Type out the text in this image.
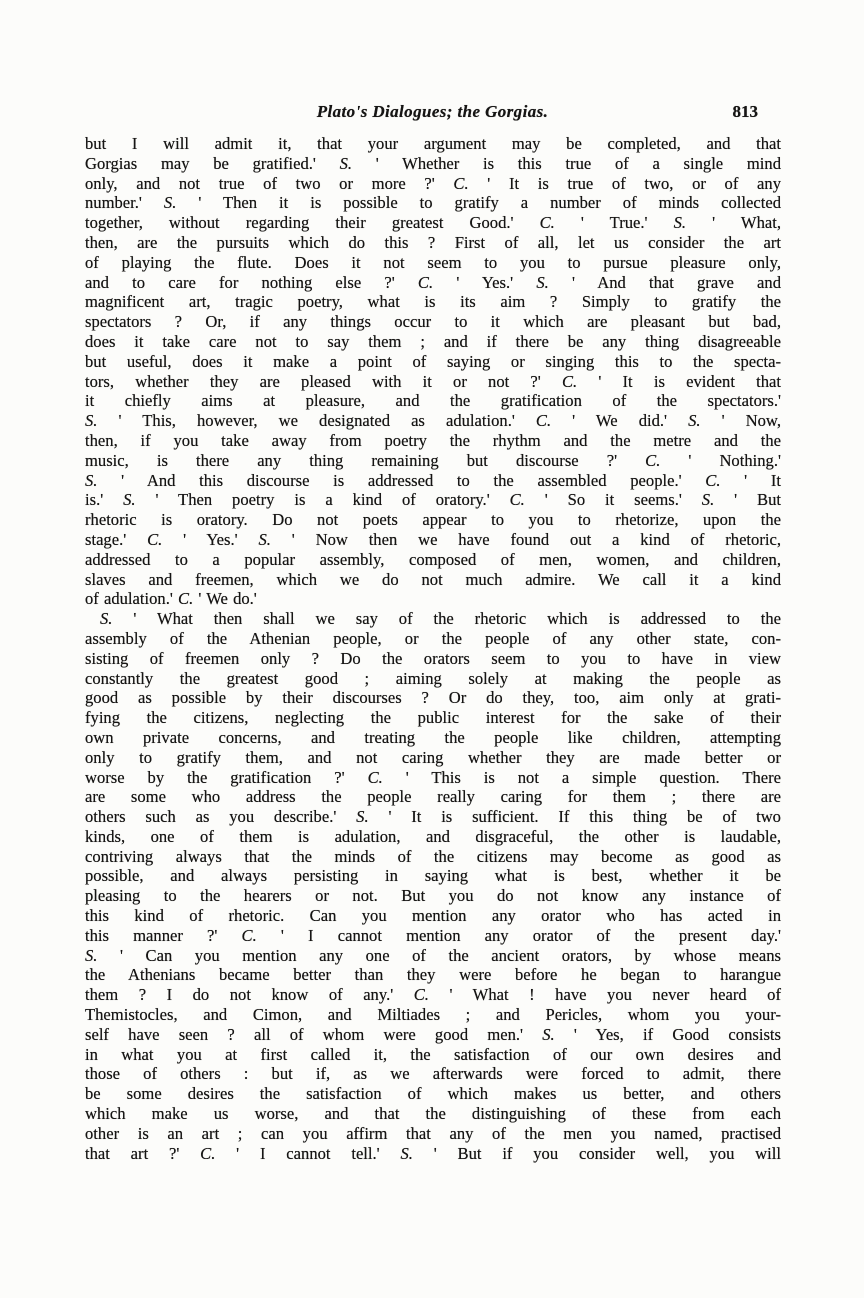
Plato's Dialogues; the Gorgias.	813
but I will admit it, that your argument may be completed, and that
Gorgias may be gratified.' S. ' Whether is this true of a single mind
only, and not true of two or more ?' C. ' It is true of two, or of any
number.' S. ' Then it is possible to gratify a number of minds collected
together, without regarding their greatest Good.' C. ' True.' S. ' What,
then, are the pursuits which do this ? First of all, let us consider the art
of playing the flute. Does it not seem to you to pursue pleasure only,
and to care for nothing else ?' C. ' Yes.' S. ' And that grave and
magnificent art, tragic poetry, what is its aim ? Simply to gratify the
spectators ? Or, if any things occur to it which are pleasant but bad,
does it take care not to say them ; and if there be any thing disagreeable
but useful, does it make a point of saying or singing this to the specta-
tors, whether they are pleased with it or not ?' C. ' It is evident that
it chiefly aims at pleasure, and the gratification of the spectators.'
S. ' This, however, we designated as adulation.' C. ' We did.' S. ' Now,
then, if you take away from poetry the rhythm and the metre and the
music, is there any thing remaining but discourse ?' C. ' Nothing.'
S. ' And this discourse is addressed to the assembled people.' C. ' It
is.' S. ' Then poetry is a kind of oratory.' C. ' So it seems.' S. ' But
rhetoric is oratory. Do not poets appear to you to rhetorize, upon the
stage.' C. ' Yes.' S. ' Now then we have found out a kind of rhetoric,
addressed to a popular assembly, composed of men, women, and children,
slaves and freemen, which we do not much admire. We call it a kind
of adulation.' C. ' We do.'
S. ' What then shall we say of the rhetoric which is addressed to the
assembly of the Athenian people, or the people of any other state, con-
sisting of freemen only ? Do the orators seem to you to have in view
constantly the greatest good ; aiming solely at making the people as
good as possible by their discourses ? Or do they, too, aim only at grati-
fying the citizens, neglecting the public interest for the sake of their
own private concerns, and treating the people like children, attempting
only to gratify them, and not caring whether they are made better or
worse by the gratification ?' C. ' This is not a simple question. There
are some who address the people really caring for them ; there are
others such as you describe.' S. ' It is sufficient. If this thing be of two
kinds, one of them is adulation, and disgraceful, the other is laudable,
contriving always that the minds of the citizens may become as good as
possible, and always persisting in saying what is best, whether it be
pleasing to the hearers or not. But you do not know any instance of
this kind of rhetoric. Can you mention any orator who has acted in
this manner ?' C. ' I cannot mention any orator of the present day.'
S. ' Can you mention any one of the ancient orators, by whose means
the Athenians became better than they were before he began to harangue
them ? I do not know of any.' C. ' What ! have you never heard of
Themistocles, and Cimon, and Miltiades ; and Pericles, whom you your-
self have seen ? all of whom were good men.' S. ' Yes, if Good consists
in what you at first called it, the satisfaction of our own desires and
those of others : but if, as we afterwards were forced to admit, there
be some desires the satisfaction of which makes us better, and others
which make us worse, and that the distinguishing of these from each
other is an art ; can you affirm that any of the men you named, practised
that art ?' C. ' I cannot tell.' S. ' But if you consider well, you will
